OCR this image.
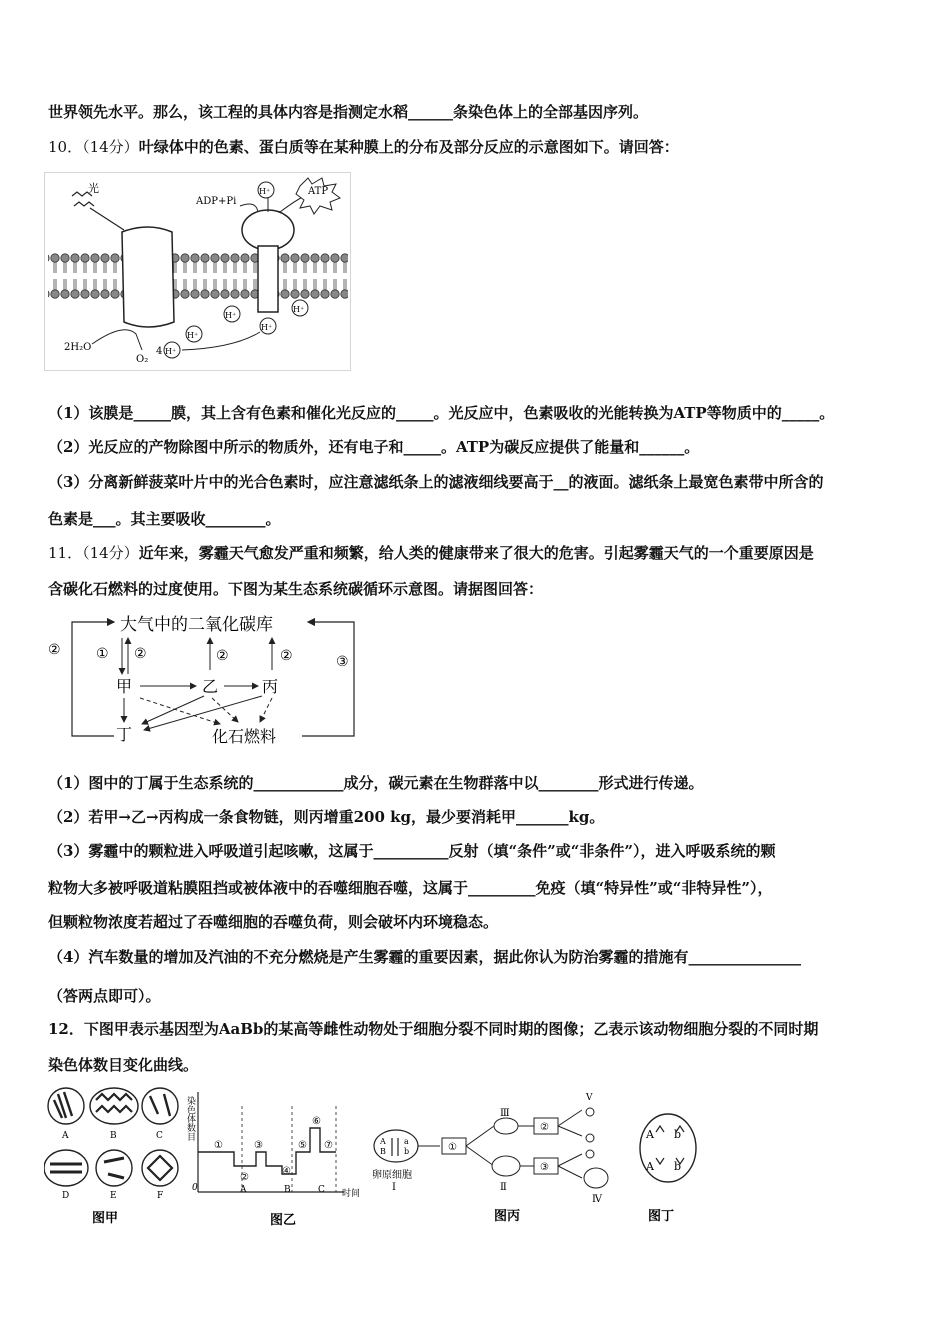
世界领先水平。那么，该工程的具体内容是指测定水稻______条染色体上的全部基因序列。
10．（14分）叶绿体中的色素、蛋白质等在某种膜上的分布及部分反应的示意图如下。请回答：
光
ADP+Pi
H⁺	ATP
H⁺
H⁺
H⁺
H⁺
H⁺
2H₂O
O₂
4
（1）该膜是_____膜，其上含有色素和催化光反应的_____。光反应中，色素吸收的光能转换为ATP等物质中的_____。
（2）光反应的产物除图中所示的物质外，还有电子和_____。ATP为碳反应提供了能量和______。
（3）分离新鲜菠菜叶片中的光合色素时，应注意滤纸条上的滤液细线要高于__的液面。滤纸条上最宽色素带中所含的
色素是___。其主要吸收________。
11．（14分）近年来，雾霾天气愈发严重和频繁，给人类的健康带来了很大的危害。引起雾霾天气的一个重要原因是
含碳化石燃料的过度使用。下图为某生态系统碳循环示意图。请据图回答：
大气中的二氧化碳库
甲	乙	丙
丁	化石燃料
① ②	②	②
②
③
（1）图中的丁属于生态系统的____________成分，碳元素在生物群落中以________形式进行传递。
（2）若甲→乙→丙构成一条食物链，则丙增重200 kg，最少要消耗甲_______kg。
（3）雾霾中的颗粒进入呼吸道引起咳嗽，这属于__________反射（填“条件”或“非条件”），进入呼吸系统的颗
粒物大多被呼吸道粘膜阻挡或被体液中的吞噬细胞吞噬，这属于_________免疫（填“特异性”或“非特异性”），
但颗粒物浓度若超过了吞噬细胞的吞噬负荷，则会破坏内环境稳态。
（4）汽车数量的增加及汽油的不充分燃烧是产生雾霾的重要因素，据此你认为防治雾霾的措施有_______________
（答两点即可）。
12．下图甲表示基因型为AaBb的某高等雌性动物处于细胞分裂不同时期的图像；乙表示该动物细胞分裂的不同时期
染色体数目变化曲线。
A	B	C
D	E	F
图甲
染色体数目
时间
0
①
②
③
④
⑤
⑥
⑦
A	B	C
图乙
A a
B b
卵原细胞
Ⅰ
①
Ⅲ
Ⅱ
②
③
Ⅴ
Ⅳ
图丙
A b
A b
图丁
